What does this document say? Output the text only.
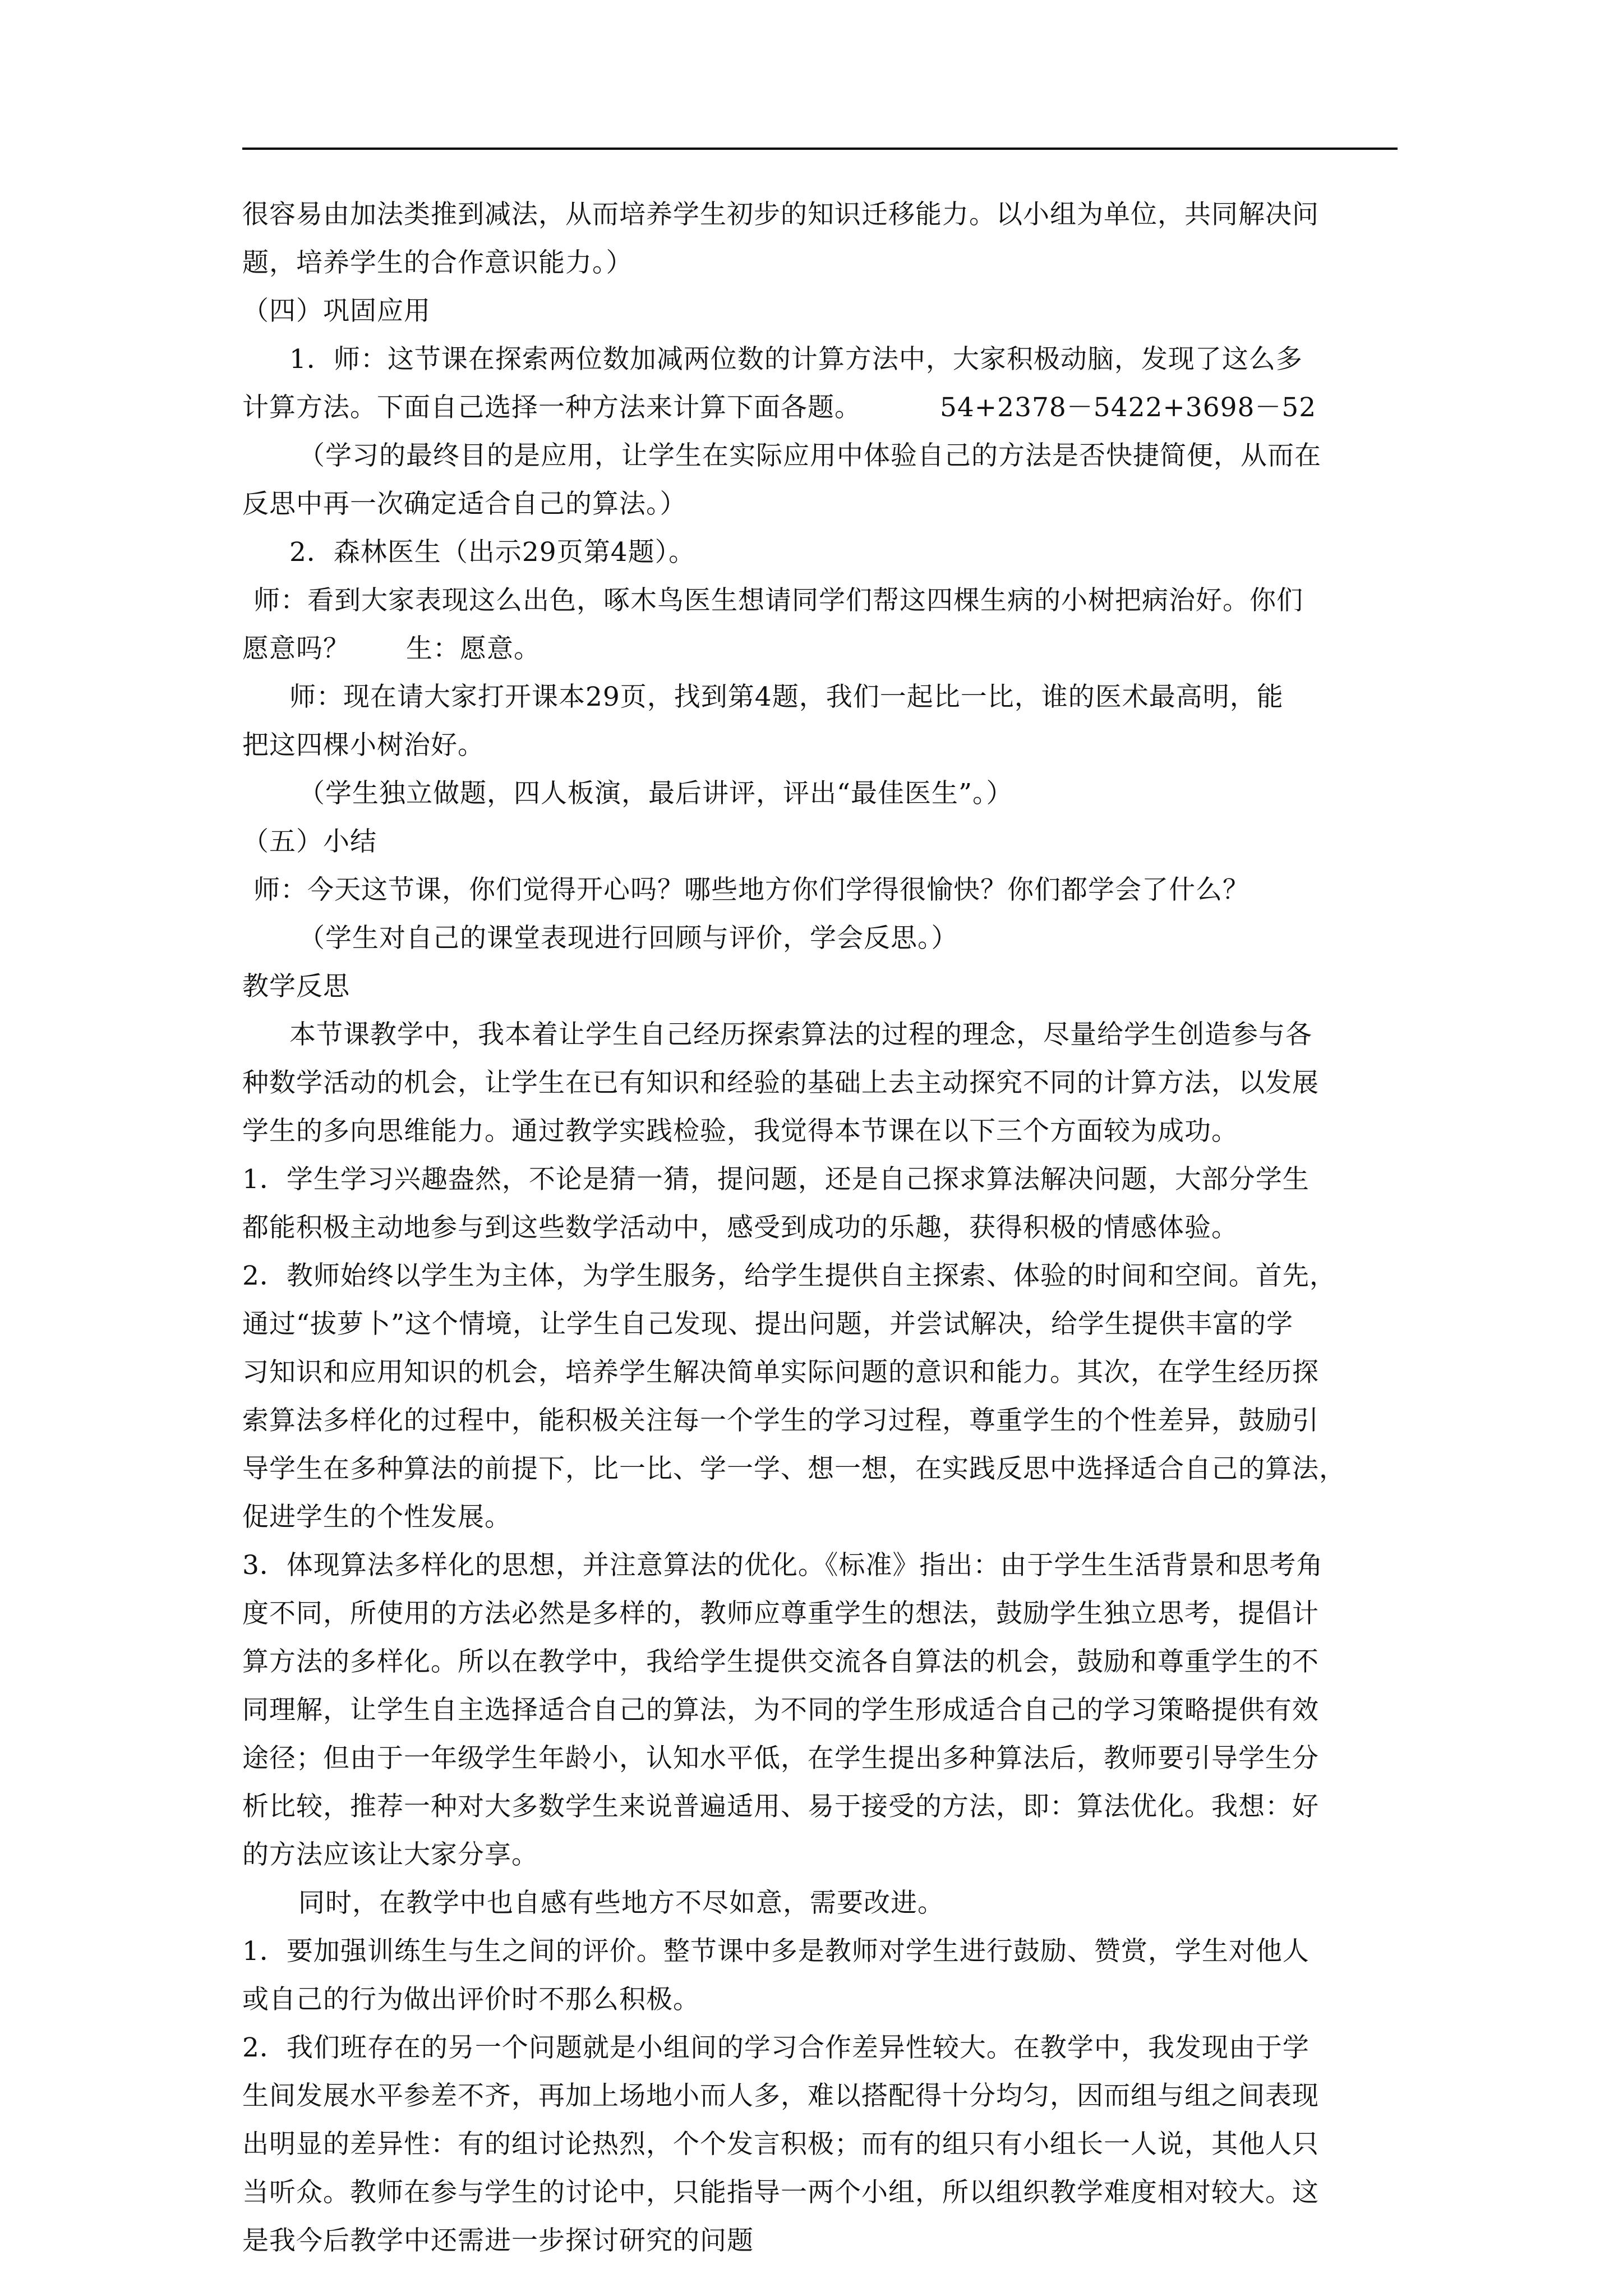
很容易由加法类推到减法，从而培养学生初步的知识迁移能力。以小组为单位，共同解决问
题，培养学生的合作意识能力。）
（四）巩固应用
1．师：这节课在探索两位数加减两位数的计算方法中，大家积极动脑，发现了这么多
计算方法。下面自己选择一种方法来计算下面各题。	54+2378－5422+3698－52
（学习的最终目的是应用，让学生在实际应用中体验自己的方法是否快捷简便，从而在
反思中再一次确定适合自己的算法。）
2．森林医生（出示29页第4题）。
师：看到大家表现这么出色，啄木鸟医生想请同学们帮这四棵生病的小树把病治好。你们
愿意吗？ 生：愿意。
师：现在请大家打开课本29页，找到第4题，我们一起比一比，谁的医术最高明，能
把这四棵小树治好。
（学生独立做题，四人板演，最后讲评，评出“最佳医生”。）
（五）小结
师：今天这节课，你们觉得开心吗？哪些地方你们学得很愉快？你们都学会了什么？
（学生对自己的课堂表现进行回顾与评价，学会反思。）
教学反思
本节课教学中，我本着让学生自己经历探索算法的过程的理念，尽量给学生创造参与各
种数学活动的机会，让学生在已有知识和经验的基础上去主动探究不同的计算方法，以发展
学生的多向思维能力。通过教学实践检验，我觉得本节课在以下三个方面较为成功。
1．学生学习兴趣盎然，不论是猜一猜，提问题，还是自己探求算法解决问题，大部分学生
都能积极主动地参与到这些数学活动中，感受到成功的乐趣，获得积极的情感体验。
2．教师始终以学生为主体，为学生服务，给学生提供自主探索、体验的时间和空间。首先，
通过“拔萝卜”这个情境，让学生自己发现、提出问题，并尝试解决，给学生提供丰富的学
习知识和应用知识的机会，培养学生解决简单实际问题的意识和能力。其次，在学生经历探
索算法多样化的过程中，能积极关注每一个学生的学习过程，尊重学生的个性差异，鼓励引
导学生在多种算法的前提下，比一比、学一学、想一想，在实践反思中选择适合自己的算法，
促进学生的个性发展。
3．体现算法多样化的思想，并注意算法的优化。《标准》指出：由于学生生活背景和思考角
度不同，所使用的方法必然是多样的，教师应尊重学生的想法，鼓励学生独立思考，提倡计
算方法的多样化。所以在教学中，我给学生提供交流各自算法的机会，鼓励和尊重学生的不
同理解，让学生自主选择适合自己的算法，为不同的学生形成适合自己的学习策略提供有效
途径；但由于一年级学生年龄小，认知水平低，在学生提出多种算法后，教师要引导学生分
析比较，推荐一种对大多数学生来说普遍适用、易于接受的方法，即：算法优化。我想：好
的方法应该让大家分享。
同时，在教学中也自感有些地方不尽如意，需要改进。
1．要加强训练生与生之间的评价。整节课中多是教师对学生进行鼓励、赞赏，学生对他人
或自己的行为做出评价时不那么积极。
2．我们班存在的另一个问题就是小组间的学习合作差异性较大。在教学中，我发现由于学
生间发展水平参差不齐，再加上场地小而人多，难以搭配得十分均匀，因而组与组之间表现
出明显的差异性：有的组讨论热烈，个个发言积极；而有的组只有小组长一人说，其他人只
当听众。教师在参与学生的讨论中，只能指导一两个小组，所以组织教学难度相对较大。这
是我今后教学中还需进一步探讨研究的问题
